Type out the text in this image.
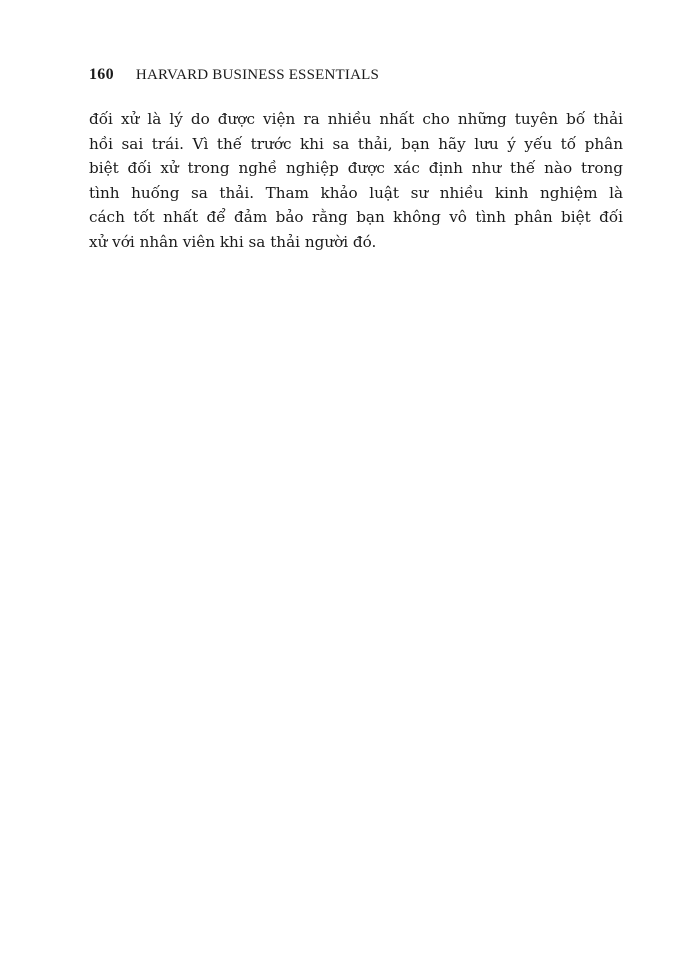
160 HARVARD BUSINESS ESSENTIALS

đối xử là lý do được viện ra nhiều nhất cho những tuyên bố thải
hồi sai trái. Vì thế trước khi sa thải, bạn hãy lưu ý yếu tố phân
biệt đối xử trong nghề nghiệp được xác định như thế nào trong
tình huống sa thải. Tham khảo luật sư nhiều kinh nghiệm là
cách tốt nhất để đảm bảo rằng bạn không vô tình phân biệt đối
xử với nhân viên khi sa thải người đó.
